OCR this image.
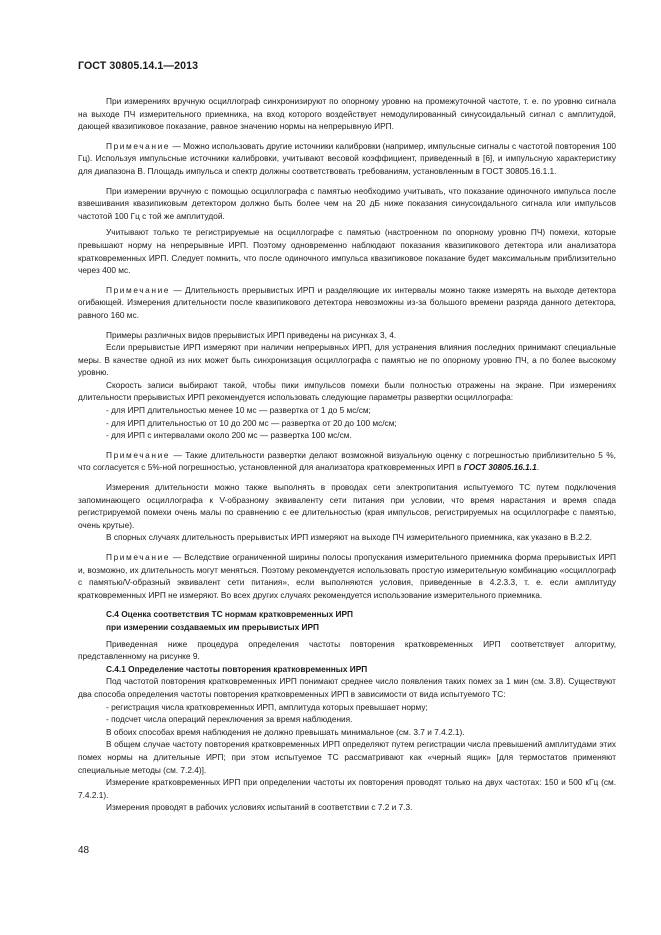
ГОСТ 30805.14.1—2013

При измерениях вручную осциллограф синхронизируют по опорному уровню на промежуточной частоте, т. е. по уровню сигнала на выходе ПЧ измерительного приемника, на вход которого воздействует немодулированный синусоидальный сигнал с амплитудой, дающей квазипиковое показание, равное значению нормы на непрерывную ИРП.

Примечание — Можно использовать другие источники калибровки (например, импульсные сигналы с частотой повторения 100 Гц). Используя импульсные источники калибровки, учитывают весовой коэффициент, приведенный в [6], и импульсную характеристику для диапазона В. Площадь импульса и спектр должны соответствовать требованиям, установленным в ГОСТ 30805.16.1.1.

При измерении вручную с помощью осциллографа с памятью необходимо учитывать, что показание одиночного импульса после взвешивания квазипиковым детектором должно быть более чем на 20 дБ ниже показания синусоидального сигнала или импульсов частотой 100 Гц с той же амплитудой.

Учитывают только те регистрируемые на осциллографе с памятью (настроенном по опорному уровню ПЧ) помехи, которые превышают норму на непрерывные ИРП. Поэтому одновременно наблюдают показания квазипикового детектора или анализатора кратковременных ИРП. Следует помнить, что после одиночного импульса квазипиковое показание будет максимальным приблизительно через 400 мс.

Примечание — Длительность прерывистых ИРП и разделяющие их интервалы можно также измерять на выходе детектора огибающей. Измерения длительности после квазипикового детектора невозможны из-за большого времени разряда данного детектора, равного 160 мс.

Примеры различных видов прерывистых ИРП приведены на рисунках 3, 4.

Если прерывистые ИРП измеряют при наличии непрерывных ИРП, для устранения влияния последних принимают специальные меры. В качестве одной из них может быть синхронизация осциллографа с памятью не по опорному уровню ПЧ, а по более высокому уровню.

Скорость записи выбирают такой, чтобы пики импульсов помехи были полностью отражены на экране. При измерениях длительности прерывистых ИРП рекомендуется использовать следующие параметры развертки осциллографа:

- для ИРП длительностью менее 10 мс — развертка от 1 до 5 мс/см;

- для ИРП длительностью от 10 до 200 мс — развертка от 20 до 100 мс/см;

- для ИРП с интервалами около 200 мс — развертка 100 мс/см.

Примечание — Такие длительности развертки делают возможной визуальную оценку с погрешностью приблизительно 5 %, что согласуется с 5%-ной погрешностью, установленной для анализатора кратковременных ИРП в ГОСТ 30805.16.1.1.

Измерения длительности можно также выполнять в проводах сети электропитания испытуемого ТС путем подключения запоминающего осциллографа к V-образному эквиваленту сети питания при условии, что время нарастания и время спада регистрируемой помехи очень малы по сравнению с ее длительностью (края импульсов, регистрируемых на осциллографе с памятью, очень крутые).

В спорных случаях длительность прерывистых ИРП измеряют на выходе ПЧ измерительного приемника, как указано в В.2.2.

Примечание — Вследствие ограниченной ширины полосы пропускания измерительного приемника форма прерывистых ИРП и, возможно, их длительность могут меняться. Поэтому рекомендуется использовать простую измерительную комбинацию «осциллограф с памятью/V-образный эквивалент сети питания», если выполняются условия, приведенные в 4.2.3.3, т. е. если амплитуду кратковременных ИРП не измеряют. Во всех других случаях рекомендуется использование измерительного приемника.

С.4 Оценка соответствия ТС нормам кратковременных ИРП

при измерении создаваемых им прерывистых ИРП

Приведенная ниже процедура определения частоты повторения кратковременных ИРП соответствует алгоритму, представленному на рисунке 9.

С.4.1 Определение частоты повторения кратковременных ИРП

Под частотой повторения кратковременных ИРП понимают среднее число появления таких помех за 1 мин (см. 3.8). Существуют два способа определения частоты повторения кратковременных ИРП в зависимости от вида испытуемого ТС:

- регистрация числа кратковременных ИРП, амплитуда которых превышает норму;

- подсчет числа операций переключения за время наблюдения.

В обоих способах время наблюдения не должно превышать минимальное (см. 3.7 и 7.4.2.1).

В общем случае частоту повторения кратковременных ИРП определяют путем регистрации числа превышений амплитудами этих помех нормы на длительные ИРП; при этом испытуемое ТС рассматривают как «черный ящик» [для термостатов применяют специальные методы (см. 7.2.4)].

Измерение кратковременных ИРП при определении частоты их повторения проводят только на двух частотах: 150 и 500 кГц (см. 7.4.2.1).

Измерения проводят в рабочих условиях испытаний в соответствии с 7.2 и 7.3.

48
